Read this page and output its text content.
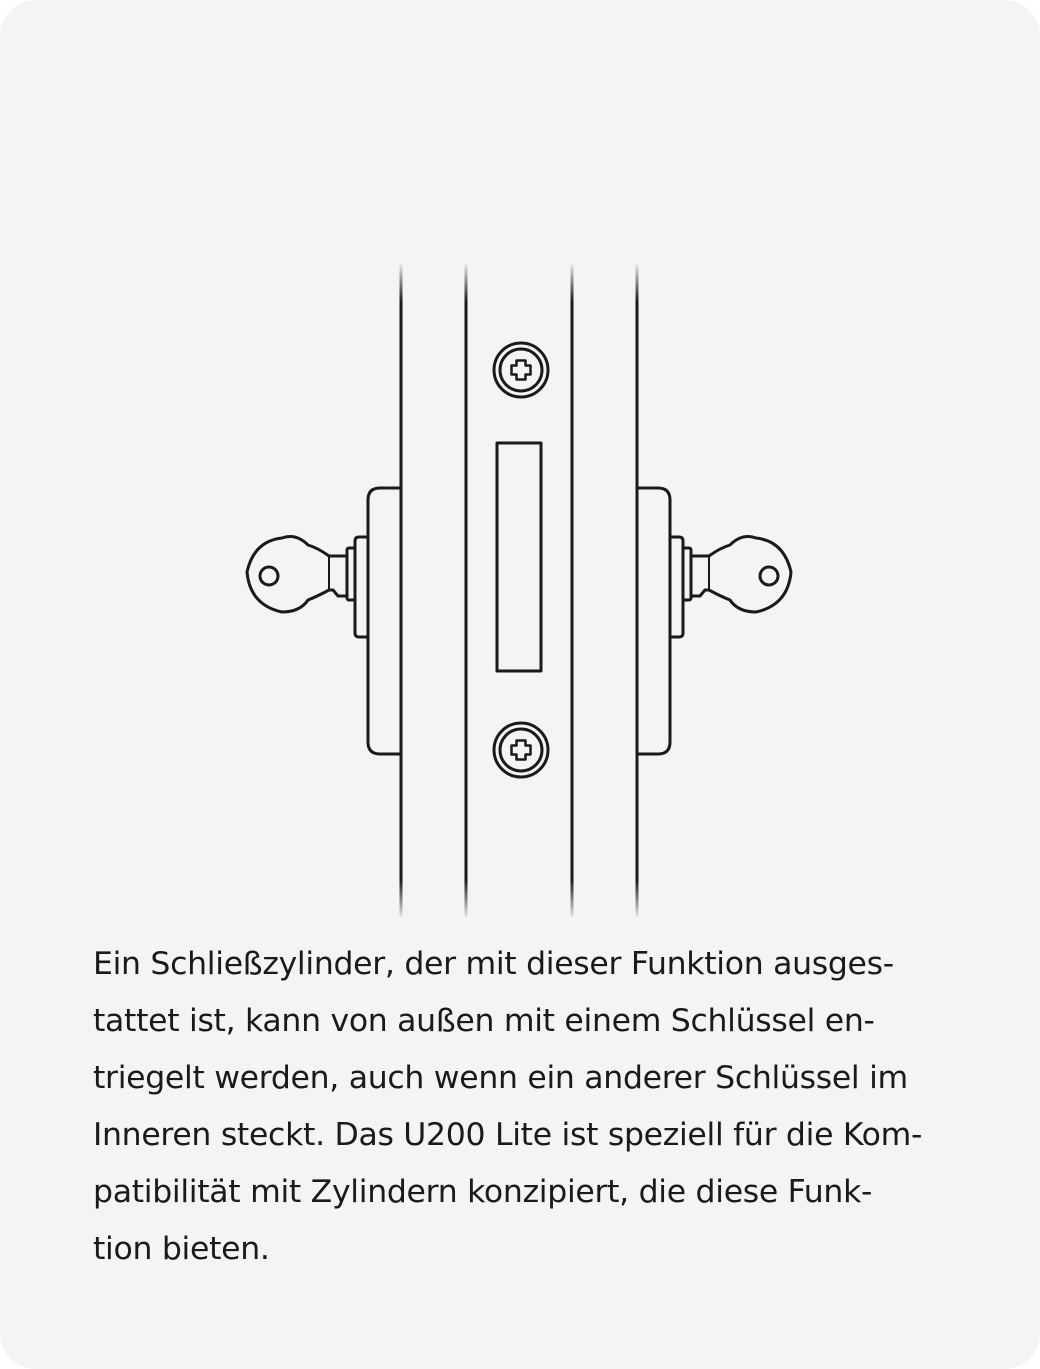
Ein Schließzylinder, der mit dieser Funktion ausges-
tattet ist, kann von außen mit einem Schlüssel en-
triegelt werden, auch wenn ein anderer Schlüssel im
Inneren steckt. Das U200 Lite ist speziell für die Kom-
patibilität mit Zylindern konzipiert, die diese Funk-
tion bieten.
